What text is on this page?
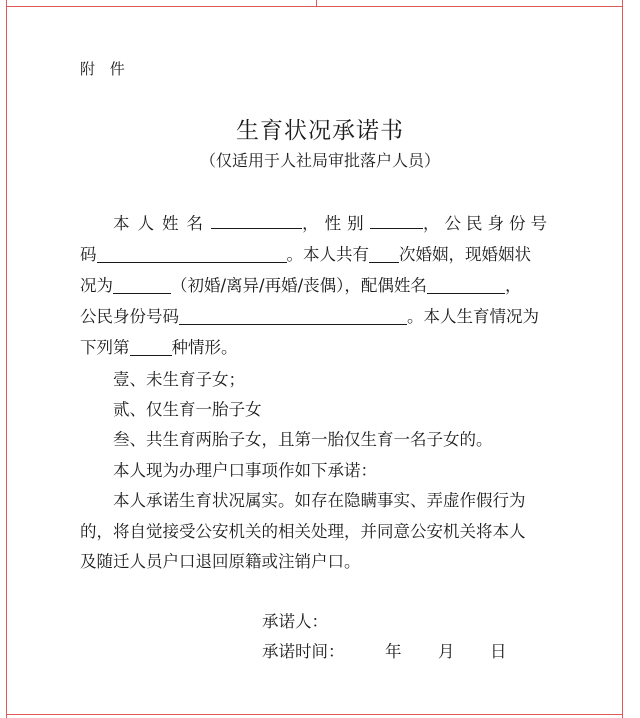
附 件
生育状况承诺书
（仅适用于人社局审批落户人员）
本人姓名	，性别	，公民身份号
码	。本人共有 次婚姻，现婚姻状
况为	（初婚/离异/再婚/丧偶），配偶姓名	，
公民身份号码	。本人生育情况为
下列第	种情形。
壹、未生育子女；
贰、仅生育一胎子女
叁、共生育两胎子女，且第一胎仅生育一名子女的。
本人现为办理户口事项作如下承诺：
本人承诺生育状况属实。如存在隐瞒事实、弄虚作假行为
的，将自觉接受公安机关的相关处理，并同意公安机关将本人
及随迁人员户口退回原籍或注销户口。
承诺人：
承诺时间： 年 月 日
